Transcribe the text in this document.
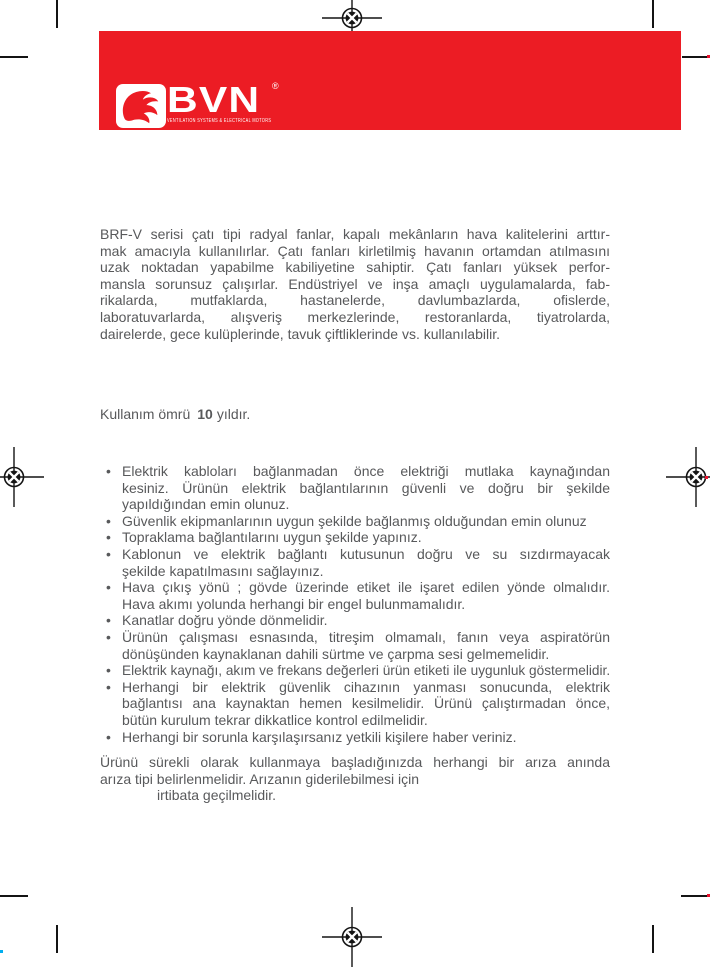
BVN ®
VENTILATION SYSTEMS & ELECTRICAL MOTORS
BRF-V serisi çatı tipi radyal fanlar, kapalı mekânların hava kalitelerini arttır-
mak amacıyla kullanılırlar. Çatı fanları kirletilmiş havanın ortamdan atılmasını
uzak noktadan yapabilme kabiliyetine sahiptir. Çatı fanları yüksek perfor-
mansla sorunsuz çalışırlar. Endüstriyel ve inşa amaçlı uygulamalarda, fab-
rikalarda, mutfaklarda, hastanelerde, davlumbazlarda, ofislerde,
laboratuvarlarda, alışveriş merkezlerinde, restoranlarda, tiyatrolarda,
dairelerde, gece kulüplerinde, tavuk çiftliklerinde vs. kullanılabilir.
Kullanım ömrü 10 yıldır.
• Elektrik kabloları bağlanmadan önce elektriği mutlaka kaynağından
kesiniz. Ürünün elektrik bağlantılarının güvenli ve doğru bir şekilde
yapıldığından emin olunuz.
• Güvenlik ekipmanlarının uygun şekilde bağlanmış olduğundan emin olunuz
• Topraklama bağlantılarını uygun şekilde yapınız.
• Kablonun ve elektrik bağlantı kutusunun doğru ve su sızdırmayacak
şekilde kapatılmasını sağlayınız.
• Hava çıkış yönü ; gövde üzerinde etiket ile işaret edilen yönde olmalıdır.
Hava akımı yolunda herhangi bir engel bulunmamalıdır.
• Kanatlar doğru yönde dönmelidir.
• Ürünün çalışması esnasında, titreşim olmamalı, fanın veya aspiratörün
dönüşünden kaynaklanan dahili sürtme ve çarpma sesi gelmemelidir.
• Elektrik kaynağı, akım ve frekans değerleri ürün etiketi ile uygunluk göstermelidir.
• Herhangi bir elektrik güvenlik cihazının yanması sonucunda, elektrik
bağlantısı ana kaynaktan hemen kesilmelidir. Ürünü çalıştırmadan önce,
bütün kurulum tekrar dikkatlice kontrol edilmelidir.
• Herhangi bir sorunla karşılaşırsanız yetkili kişilere haber veriniz.
Ürünü sürekli olarak kullanmaya başladığınızda herhangi bir arıza anında
arıza tipi belirlenmelidir. Arızanın giderilebilmesi için
irtibata geçilmelidir.
